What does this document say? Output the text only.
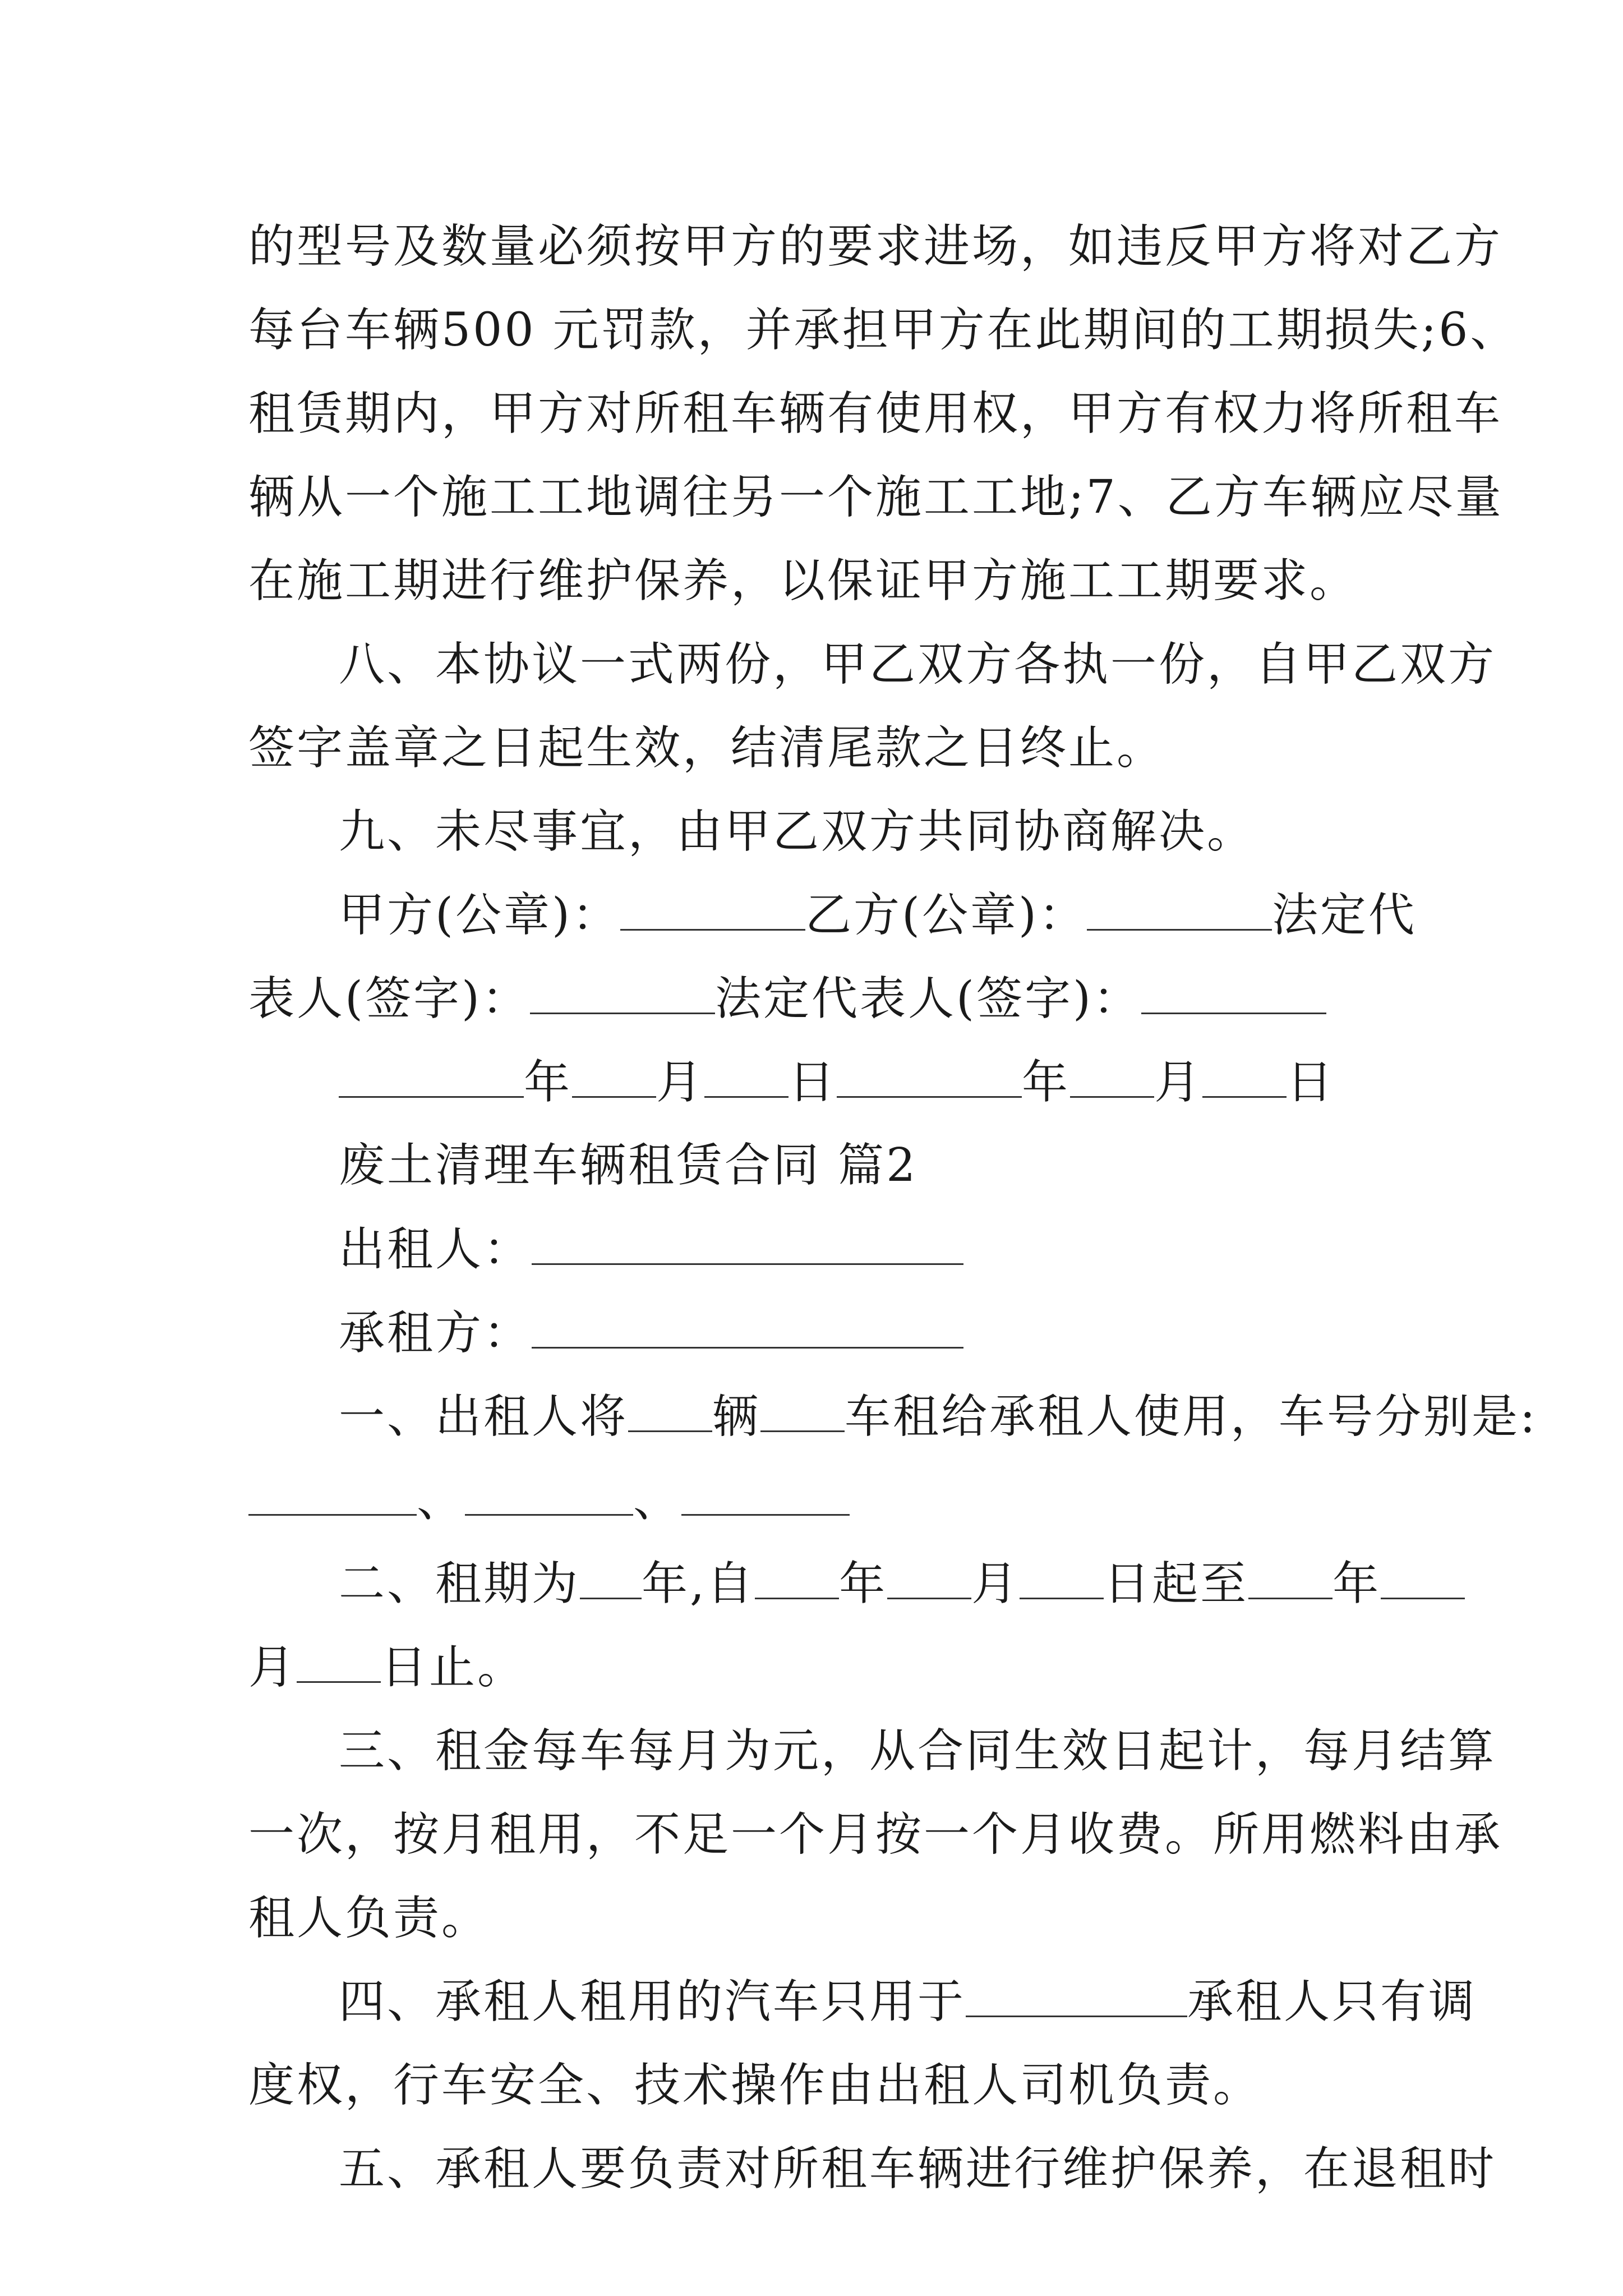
的型号及数量必须按甲方的要求进场，如违反甲方将对乙方
每台车辆500 元罚款，并承担甲方在此期间的工期损失;6、
租赁期内，甲方对所租车辆有使用权，甲方有权力将所租车
辆从一个施工工地调往另一个施工工地;7、乙方车辆应尽量
在施工期进行维护保养，以保证甲方施工工期要求。
八、本协议一式两份，甲乙双方各执一份，自甲乙双方
签字盖章之日起生效，结清尾款之日终止。
九、未尽事宜，由甲乙双方共同协商解决。
甲方(公章)：	乙方(公章)：	法定代
表人(签字)：	法定代表人(签字)：
年 月 日	年 月 日
废土清理车辆租赁合同 篇2
出租人：
承租方：
一、出租人将 辆 车租给承租人使用，车号分别是:
、	、
二、租期为 年,自 年 月 日起至 年
月 日止。
三、租金每车每月为元，从合同生效日起计，每月结算
一次，按月租用，不足一个月按一个月收费。所用燃料由承
租人负责。
四、承租人租用的汽车只用于	承租人只有调
度权，行车安全、技术操作由出租人司机负责。
五、承租人要负责对所租车辆进行维护保养，在退租时
